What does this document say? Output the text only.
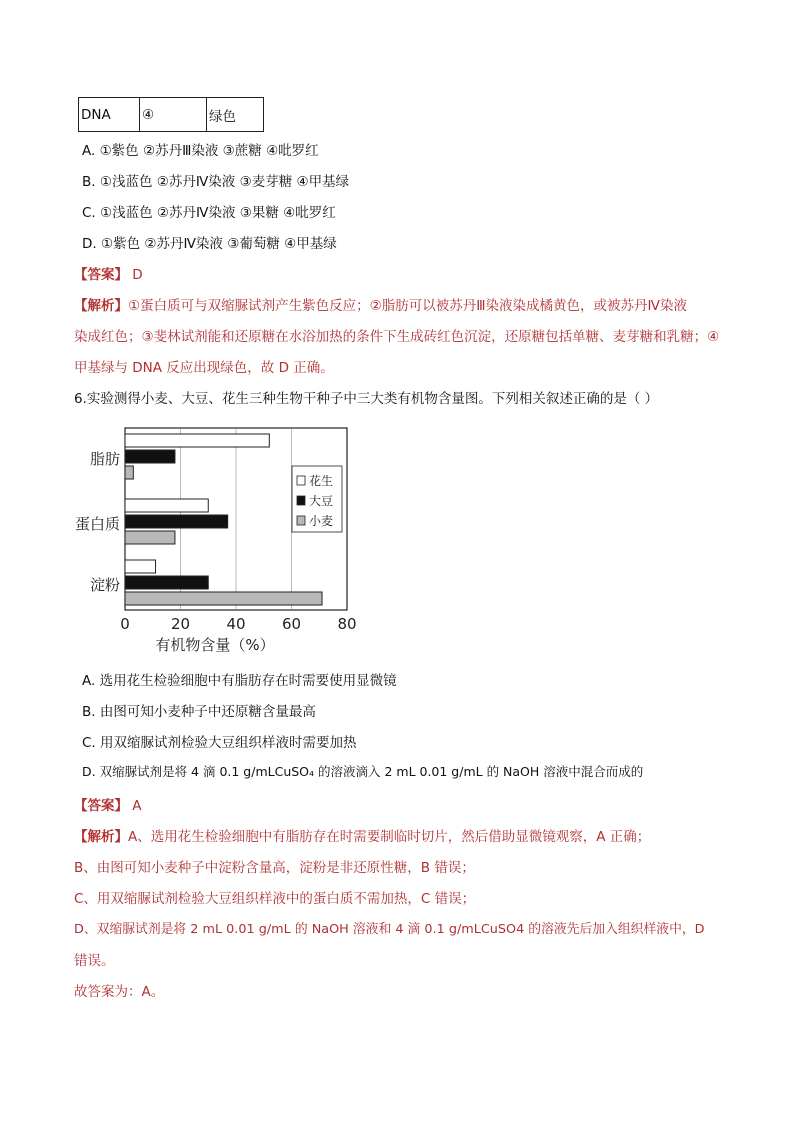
DNA	④	绿色
A. ①紫色 ②苏丹Ⅲ染液 ③蔗糖 ④吡罗红
B. ①浅蓝色 ②苏丹Ⅳ染液 ③麦芽糖 ④甲基绿
C. ①浅蓝色 ②苏丹Ⅳ染液 ③果糖 ④吡罗红
D. ①紫色 ②苏丹Ⅳ染液 ③葡萄糖 ④甲基绿
【答案】 D
【解析】①蛋白质可与双缩脲试剂产生紫色反应；②脂肪可以被苏丹Ⅲ染液染成橘黄色，或被苏丹Ⅳ染液
染成红色；③斐林试剂能和还原糖在水浴加热的条件下生成砖红色沉淀，还原糖包括单糖、麦芽糖和乳糖；④
甲基绿与 DNA 反应出现绿色，故 D 正确。
6.实验测得小麦、大豆、花生三种生物干种子中三大类有机物含量图。下列相关叙述正确的是（ ）
0	20 40 60 80
有机物含量（%）
脂肪
蛋白质
淀粉
花生
大豆
小麦
A. 选用花生检验细胞中有脂肪存在时需要使用显微镜
B. 由图可知小麦种子中还原糖含量最高
C. 用双缩脲试剂检验大豆组织样液时需要加热
D. 双缩脲试剂是将 4 滴 0.1 g/mLCuSO₄ 的溶液滴入 2 mL 0.01 g/mL 的 NaOH 溶液中混合而成的
【答案】 A
【解析】A、选用花生检验细胞中有脂肪存在时需要制临时切片，然后借助显微镜观察，A 正确；
B、由图可知小麦种子中淀粉含量高，淀粉是非还原性糖，B 错误；
C、用双缩脲试剂检验大豆组织样液中的蛋白质不需加热，C 错误；
D、双缩脲试剂是将 2 mL 0.01 g/mL 的 NaOH 溶液和 4 滴 0.1 g/mLCuSO4 的溶液先后加入组织样液中，D
错误。
故答案为：A。
